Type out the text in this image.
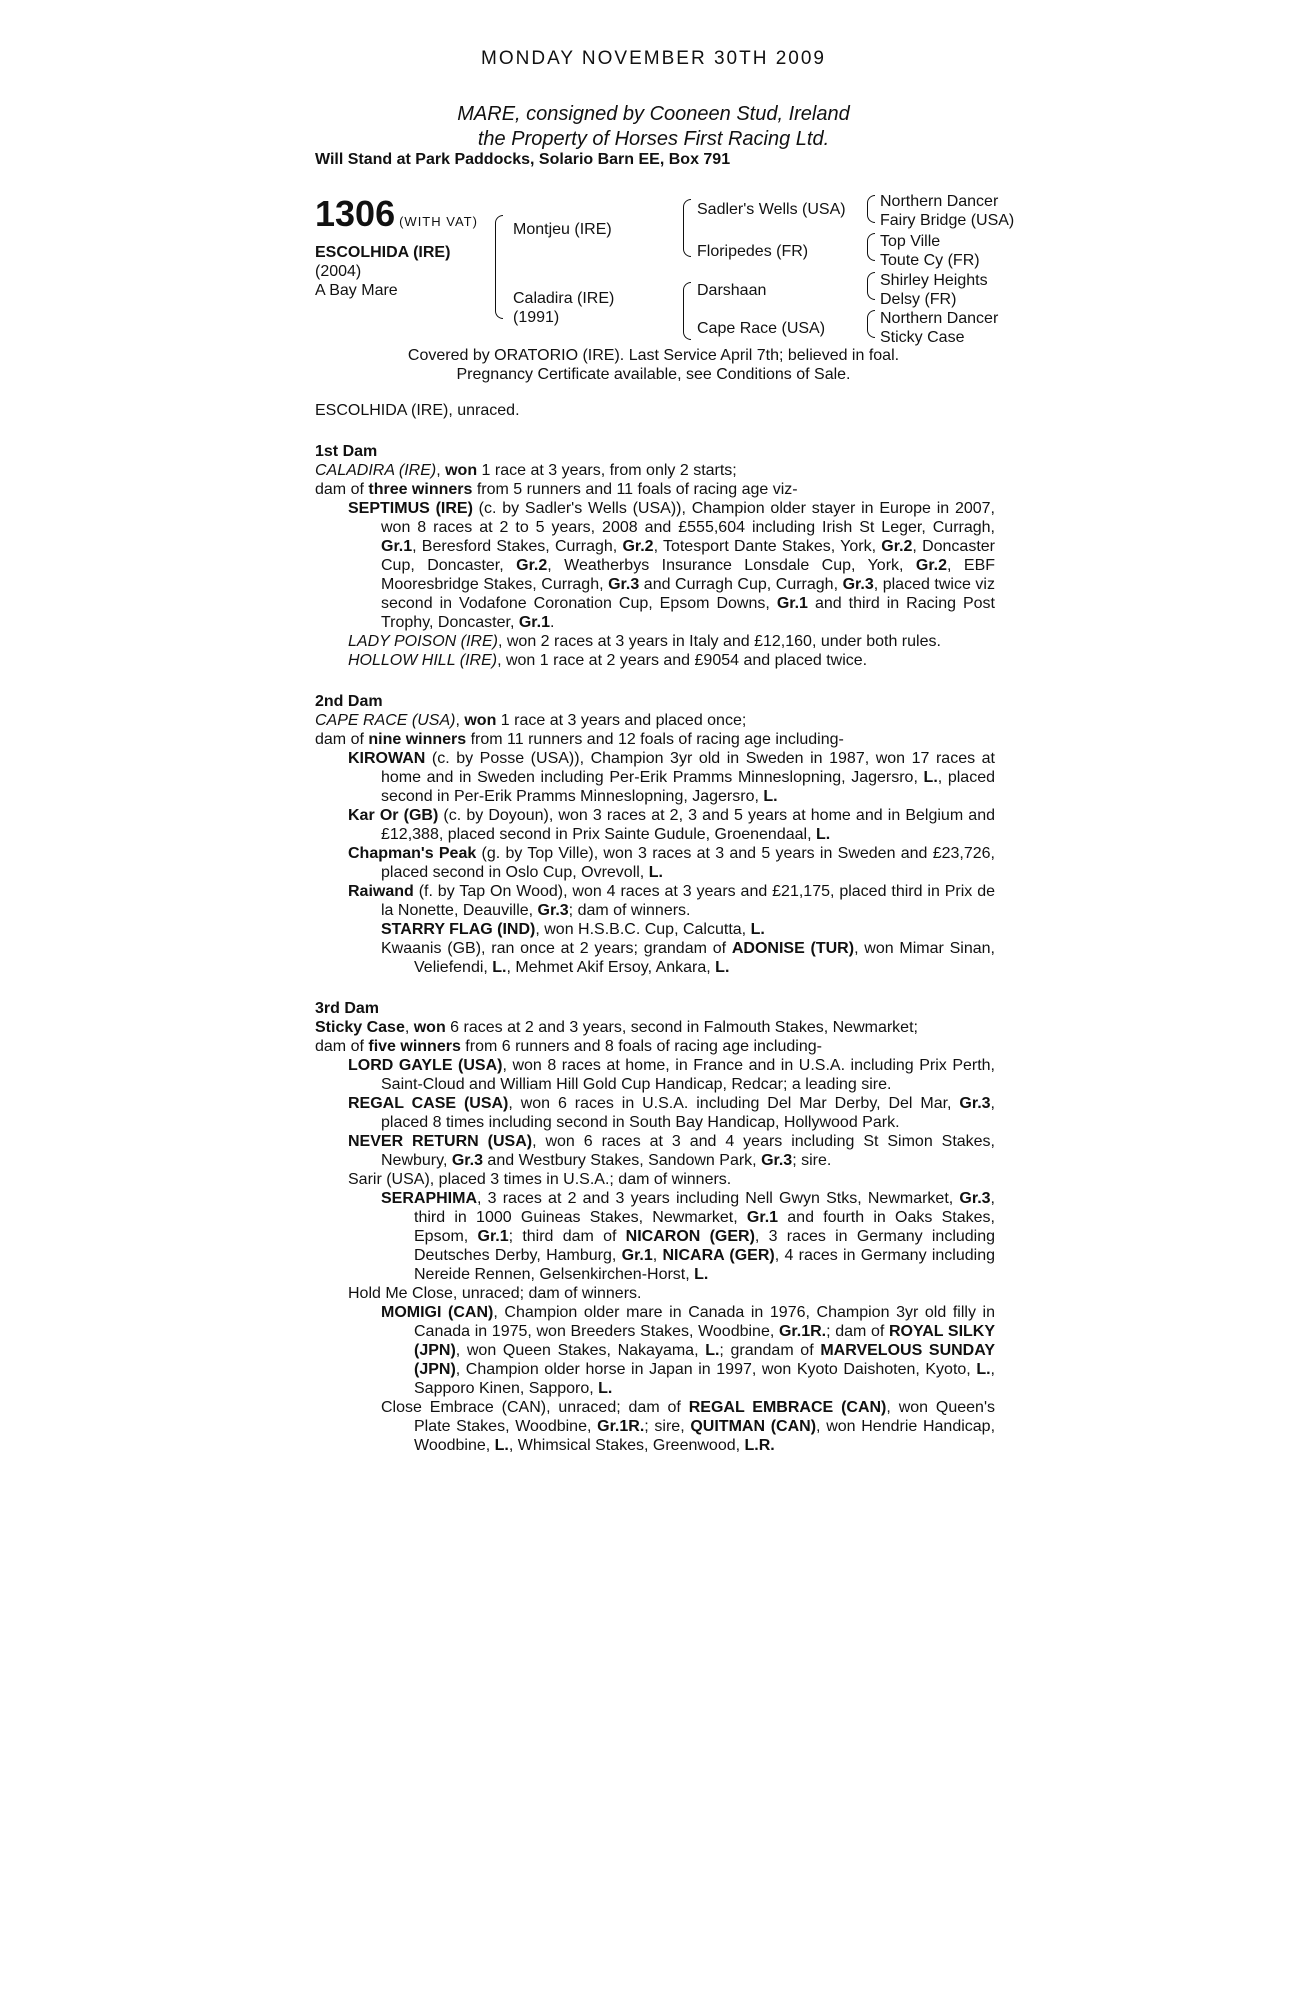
MONDAY NOVEMBER 30TH 2009
MARE, consigned by Cooneen Stud, Ireland
the Property of Horses First Racing Ltd.
Will Stand at Park Paddocks, Solario Barn EE, Box 791
1306 (WITH VAT)
ESCOLHIDA (IRE)
(2004)
A Bay Mare
Montjeu (IRE)
Caladira (IRE)
(1991)
Sadler's Wells (USA)
Floripedes (FR)
Darshaan
Cape Race (USA)
Northern Dancer
Fairy Bridge (USA)
Top Ville
Toute Cy (FR)
Shirley Heights
Delsy (FR)
Northern Dancer
Sticky Case
Covered by ORATORIO (IRE). Last Service April 7th; believed in foal.
Pregnancy Certificate available, see Conditions of Sale.

ESCOLHIDA (IRE), unraced.

1st Dam

CALADIRA (IRE), won 1 race at 3 years, from only 2 starts;

dam of three winners from 5 runners and 11 foals of racing age viz-

SEPTIMUS (IRE) (c. by Sadler's Wells (USA)), Champion older stayer in Europe in 2007, won 8 races at 2 to 5 years, 2008 and £555,604 including Irish St Leger, Curragh, Gr.1, Beresford Stakes, Curragh, Gr.2, Totesport Dante Stakes, York, Gr.2, Doncaster Cup, Doncaster, Gr.2, Weatherbys Insurance Lonsdale Cup, York, Gr.2, EBF Mooresbridge Stakes, Curragh, Gr.3 and Curragh Cup, Curragh, Gr.3, placed twice viz second in Vodafone Coronation Cup, Epsom Downs, Gr.1 and third in Racing Post Trophy, Doncaster, Gr.1.

LADY POISON (IRE), won 2 races at 3 years in Italy and £12,160, under both rules.

HOLLOW HILL (IRE), won 1 race at 2 years and £9054 and placed twice.

2nd Dam

CAPE RACE (USA), won 1 race at 3 years and placed once;

dam of nine winners from 11 runners and 12 foals of racing age including-

KIROWAN (c. by Posse (USA)), Champion 3yr old in Sweden in 1987, won 17 races at home and in Sweden including Per-Erik Pramms Minneslopning, Jagersro, L., placed second in Per-Erik Pramms Minneslopning, Jagersro, L.

Kar Or (GB) (c. by Doyoun), won 3 races at 2, 3 and 5 years at home and in Belgium and £12,388, placed second in Prix Sainte Gudule, Groenendaal, L.

Chapman's Peak (g. by Top Ville), won 3 races at 3 and 5 years in Sweden and £23,726, placed second in Oslo Cup, Ovrevoll, L.

Raiwand (f. by Tap On Wood), won 4 races at 3 years and £21,175, placed third in Prix de la Nonette, Deauville, Gr.3; dam of winners.

STARRY FLAG (IND), won H.S.B.C. Cup, Calcutta, L.

Kwaanis (GB), ran once at 2 years; grandam of ADONISE (TUR), won Mimar Sinan, Veliefendi, L., Mehmet Akif Ersoy, Ankara, L.

3rd Dam

Sticky Case, won 6 races at 2 and 3 years, second in Falmouth Stakes, Newmarket;

dam of five winners from 6 runners and 8 foals of racing age including-

LORD GAYLE (USA), won 8 races at home, in France and in U.S.A. including Prix Perth, Saint-Cloud and William Hill Gold Cup Handicap, Redcar; a leading sire.

REGAL CASE (USA), won 6 races in U.S.A. including Del Mar Derby, Del Mar, Gr.3, placed 8 times including second in South Bay Handicap, Hollywood Park.

NEVER RETURN (USA), won 6 races at 3 and 4 years including St Simon Stakes, Newbury, Gr.3 and Westbury Stakes, Sandown Park, Gr.3; sire.

Sarir (USA), placed 3 times in U.S.A.; dam of winners.

SERAPHIMA, 3 races at 2 and 3 years including Nell Gwyn Stks, Newmarket, Gr.3, third in 1000 Guineas Stakes, Newmarket, Gr.1 and fourth in Oaks Stakes, Epsom, Gr.1; third dam of NICARON (GER), 3 races in Germany including Deutsches Derby, Hamburg, Gr.1, NICARA (GER), 4 races in Germany including Nereide Rennen, Gelsenkirchen-Horst, L.

Hold Me Close, unraced; dam of winners.

MOMIGI (CAN), Champion older mare in Canada in 1976, Champion 3yr old filly in Canada in 1975, won Breeders Stakes, Woodbine, Gr.1R.; dam of ROYAL SILKY (JPN), won Queen Stakes, Nakayama, L.; grandam of MARVELOUS SUNDAY (JPN), Champion older horse in Japan in 1997, won Kyoto Daishoten, Kyoto, L., Sapporo Kinen, Sapporo, L.

Close Embrace (CAN), unraced; dam of REGAL EMBRACE (CAN), won Queen's Plate Stakes, Woodbine, Gr.1R.; sire, QUITMAN (CAN), won Hendrie Handicap, Woodbine, L., Whimsical Stakes, Greenwood, L.R.
